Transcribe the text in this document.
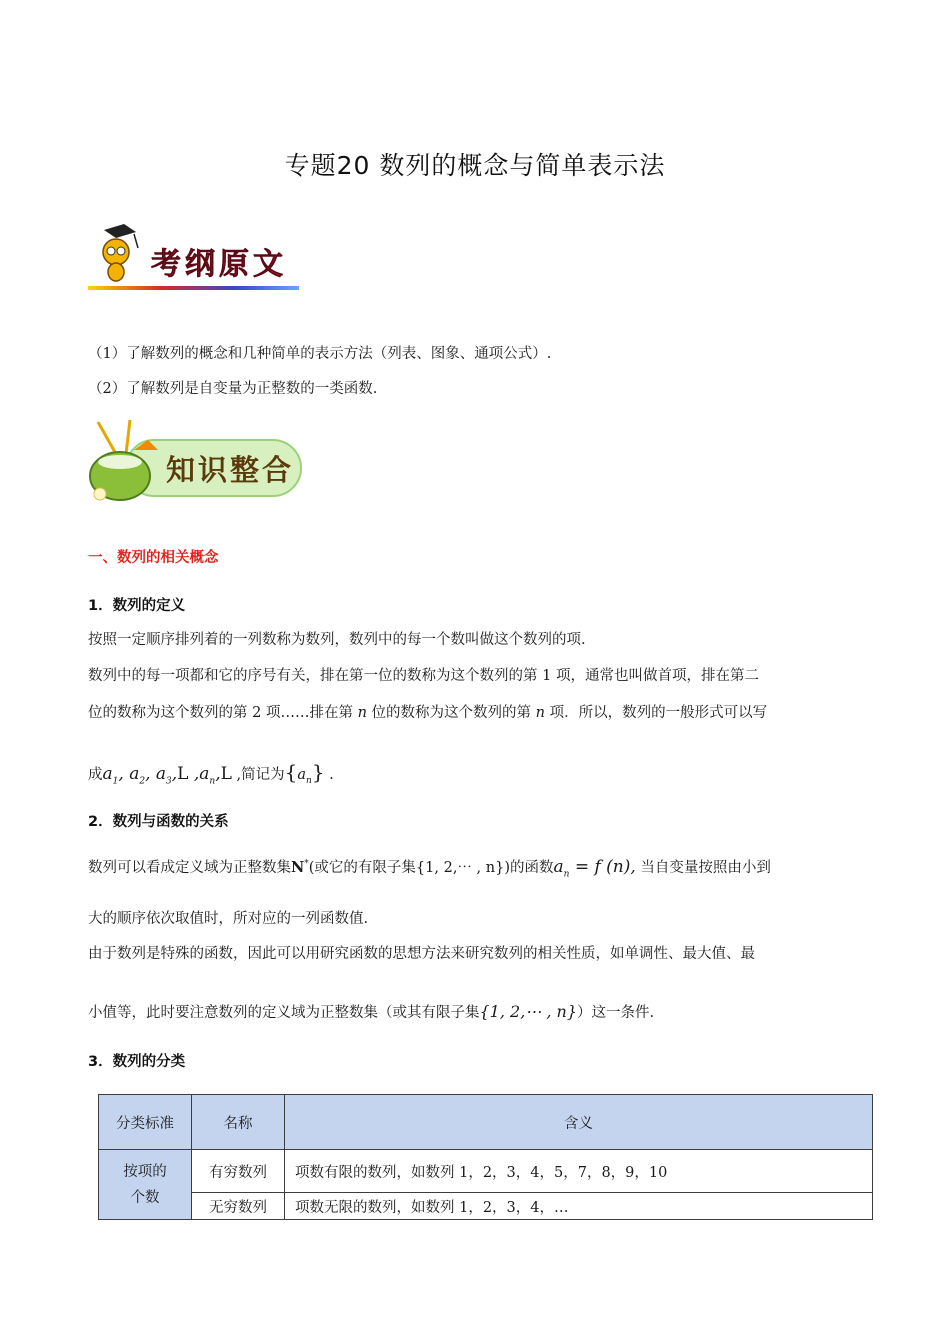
专题20 数列的概念与简单表示法
考纲原文
（1）了解数列的概念和几种简单的表示方法（列表、图象、通项公式）.
（2）了解数列是自变量为正整数的一类函数.
知识整合
一、数列的相关概念
1．数列的定义
按照一定顺序排列着的一列数称为数列，数列中的每一个数叫做这个数列的项.
数列中的每一项都和它的序号有关，排在第一位的数称为这个数列的第 1 项，通常也叫做首项，排在第二
位的数称为这个数列的第 2 项……排在第 n 位的数称为这个数列的第 n 项．所以，数列的一般形式可以写
成$a_1$, $a_2$, $a_3,L$ $,a_n,L$ ,简记为$\{a_n\}$ .
2．数列与函数的关系
数列可以看成定义域为正整数集N*(或它的有限子集{1, 2,⋯ , n})的函数$a_n = f$ (n), 当自变量按照由小到
大的顺序依次取值时，所对应的一列函数值.
由于数列是特殊的函数，因此可以用研究函数的思想方法来研究数列的相关性质，如单调性、最大值、最
小值等，此时要注意数列的定义域为正整数集（或其有限子集{1, 2,⋯ , n}）这一条件.
3．数列的分类
分类标准	名称	含义
按项的
个数	有穷数列	项数有限的数列，如数列 1，2，3，4，5，7，8，9，10
	无穷数列	项数无限的数列，如数列 1，2，3，4，…
